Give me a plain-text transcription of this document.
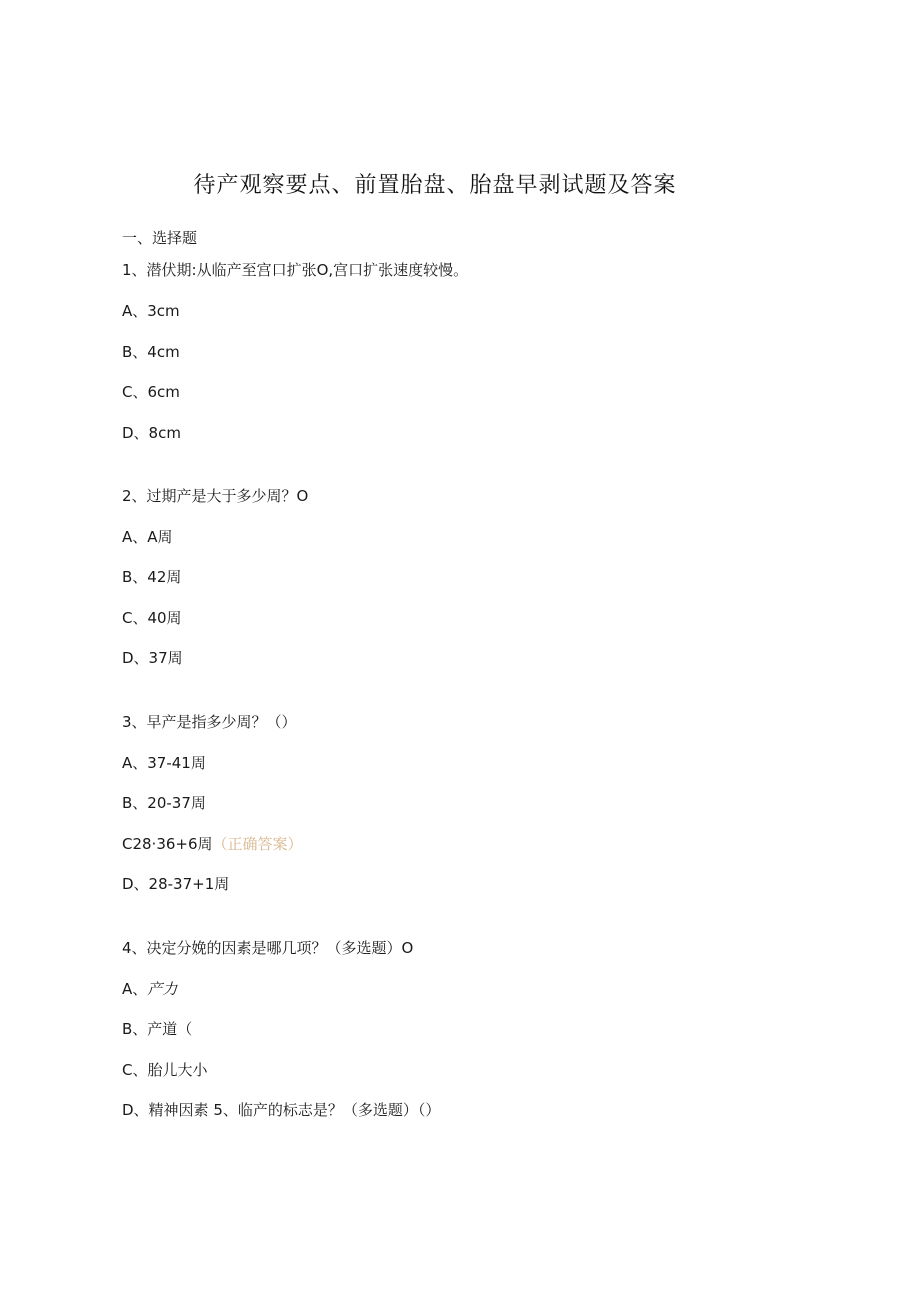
待产观察要点、前置胎盘、胎盘早剥试题及答案
一、选择题
1、潜伏期:从临产至宫口扩张O,宫口扩张速度较慢。
A、3cm
B、4cm
C、6cm
D、8cm
2、过期产是大于多少周？O
A、A周
B、42周
C、40周
D、37周
3、早产是指多少周？（）
A、37-41周
B、20-37周
C28·36+6周（正确答案）
D、28-37+1周
4、决定分娩的因素是哪几项？（多选题）O
A、产力
B、产道（
C、胎儿大小
D、精神因素 5、临产的标志是？（多选题）（）
